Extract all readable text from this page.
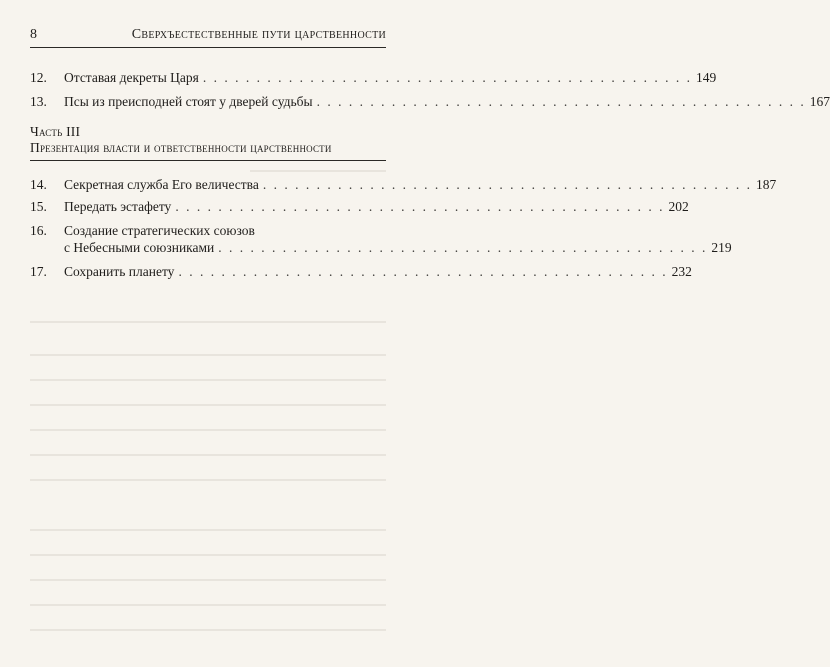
8	Сверхъестественные пути царственности
12.	Отставая декреты Царя . . . . . . . . . . . . . . . . . . . . . . . . . . . . . . . . . . . . . . . . . . . . . . 149
13.	Псы из преисподней стоят у дверей судьбы . . . . . . . . . . . . . . . . . . . . . . . . . . . . . . . . . . . . . . . . . . . . . . 167
Часть III
Презентация власти и ответственности царственности
14.	Секретная служба Его величества . . . . . . . . . . . . . . . . . . . . . . . . . . . . . . . . . . . . . . . . . . . . . . 187
15.	Передать эстафету . . . . . . . . . . . . . . . . . . . . . . . . . . . . . . . . . . . . . . . . . . . . . . 202
16.	Создание стратегических союзов
с Небесными союзниками . . . . . . . . . . . . . . . . . . . . . . . . . . . . . . . . . . . . . . . . . . . . . . 219
17.	Сохранить планету . . . . . . . . . . . . . . . . . . . . . . . . . . . . . . . . . . . . . . . . . . . . . . 232
